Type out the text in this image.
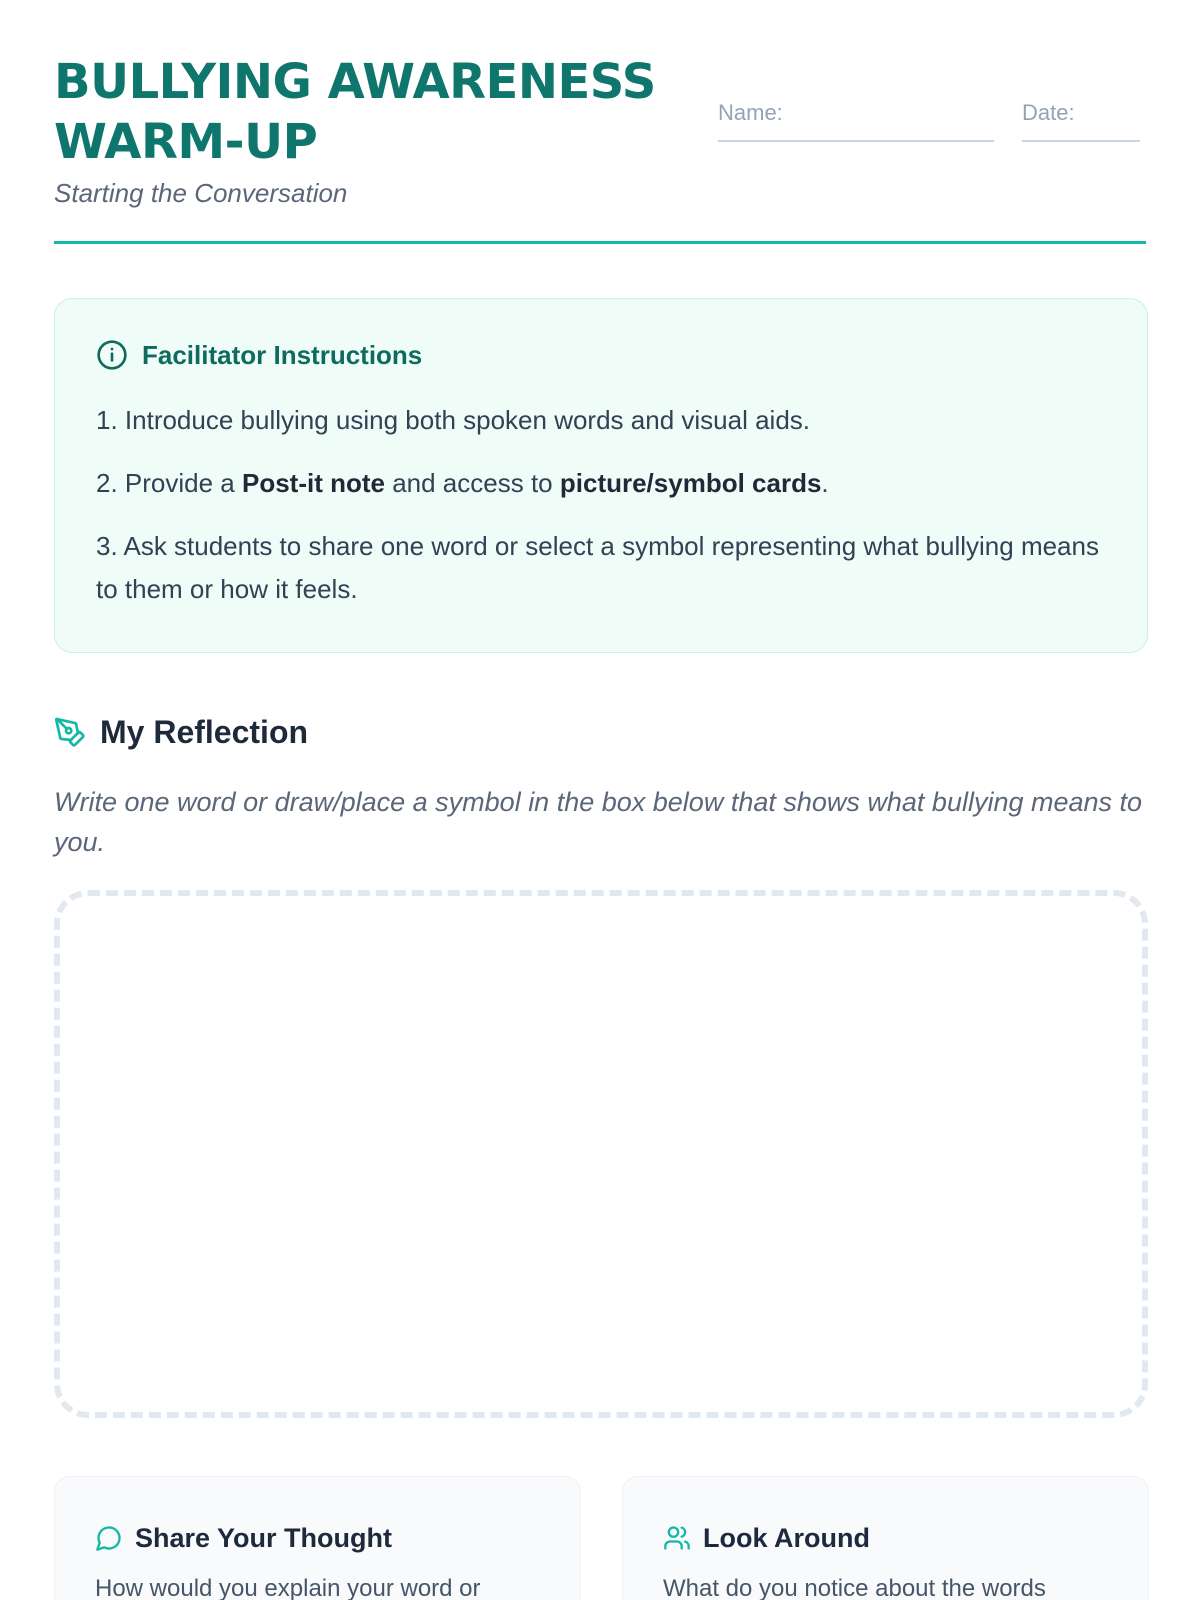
BULLYING AWARENESS
WARM-UP
Starting the Conversation
Name:	Date:
Facilitator Instructions
1. Introduce bullying using both spoken words and visual aids.
2. Provide a Post-it note and access to picture/symbol cards.
3. Ask students to share one word or select a symbol representing what bullying means to them or how it feels.
My Reflection

Write one word or draw/place a symbol in the box below that shows what bullying means to you.

Share Your Thought

How would you explain your word or

Look Around

What do you notice about the words
